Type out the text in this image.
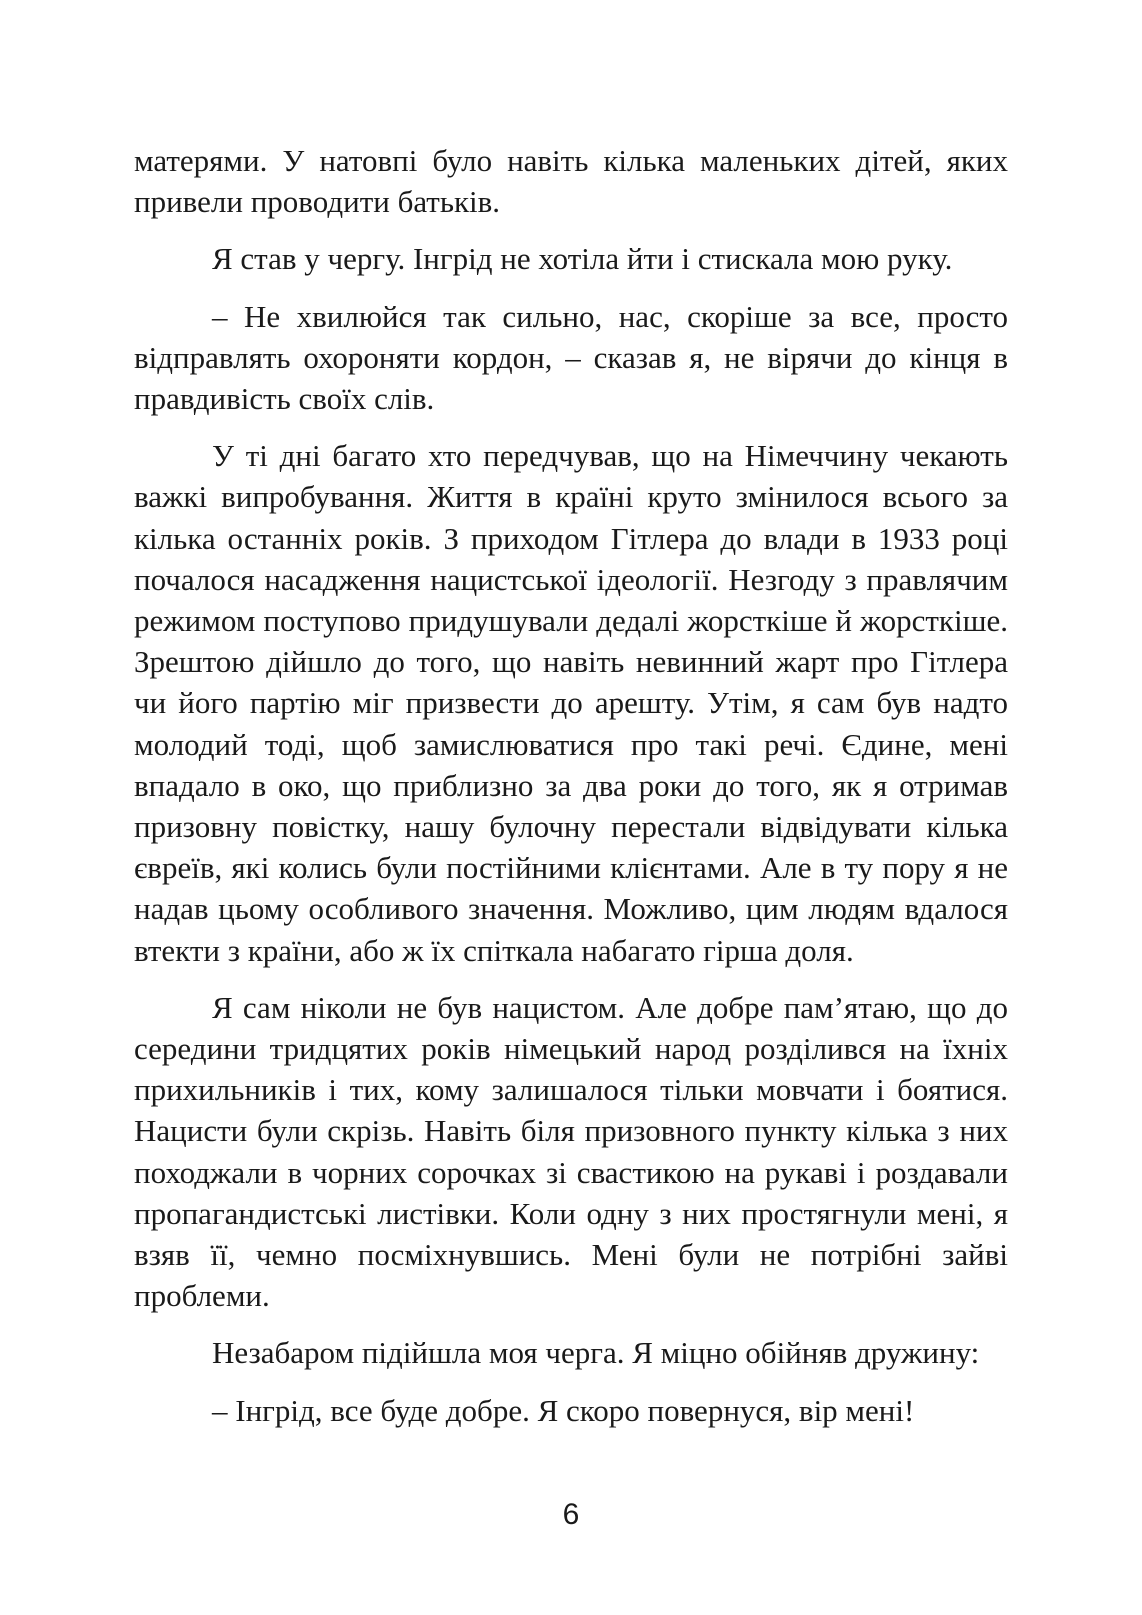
матерями. У натовпі було навіть кілька маленьких дітей, яких привели проводити батьків.

Я став у чергу. Інгрід не хотіла йти і стискала мою руку.

– Не хвилюйся так сильно, нас, скоріше за все, просто відправлять охороняти кордон, – сказав я, не вірячи до кінця в правдивість своїх слів.

У ті дні багато хто передчував, що на Німеччину чекають важкі випробування. Життя в країні круто змінилося всього за кілька останніх років. З приходом Гітлера до влади в 1933 році почалося насадження нацистської ідеології. Незгоду з правлячим режимом поступово придушували дедалі жорсткіше й жорсткіше. Зрештою дійшло до того, що навіть невинний жарт про Гітлера чи його партію міг призвести до арешту. Утім, я сам був надто молодий тоді, щоб замислюватися про такі речі. Єдине, мені впадало в око, що приблизно за два роки до того, як я отримав призовну повістку, нашу булочну перестали відвідувати кілька євреїв, які колись були постійними клієнтами. Але в ту пору я не надав цьому особливого значення. Можливо, цим людям вдалося втекти з країни, або ж їх спіткала набагато гірша доля.

Я сам ніколи не був нацистом. Але добре пам’ятаю, що до середини тридцятих років німецький народ розділився на їхніх прихильників і тих, кому залишалося тільки мовчати і боятися. Нацисти були скрізь. Навіть біля призовного пункту кілька з них походжали в чорних сорочках зі свастикою на рукаві і роздавали пропагандистські листівки. Коли одну з них простягнули мені, я взяв її, чемно посміхнувшись. Мені були не потрібні зайві проблеми.

Незабаром підійшла моя черга. Я міцно обійняв дружину:

– Інгрід, все буде добре. Я скоро повернуся, вір мені!

6
